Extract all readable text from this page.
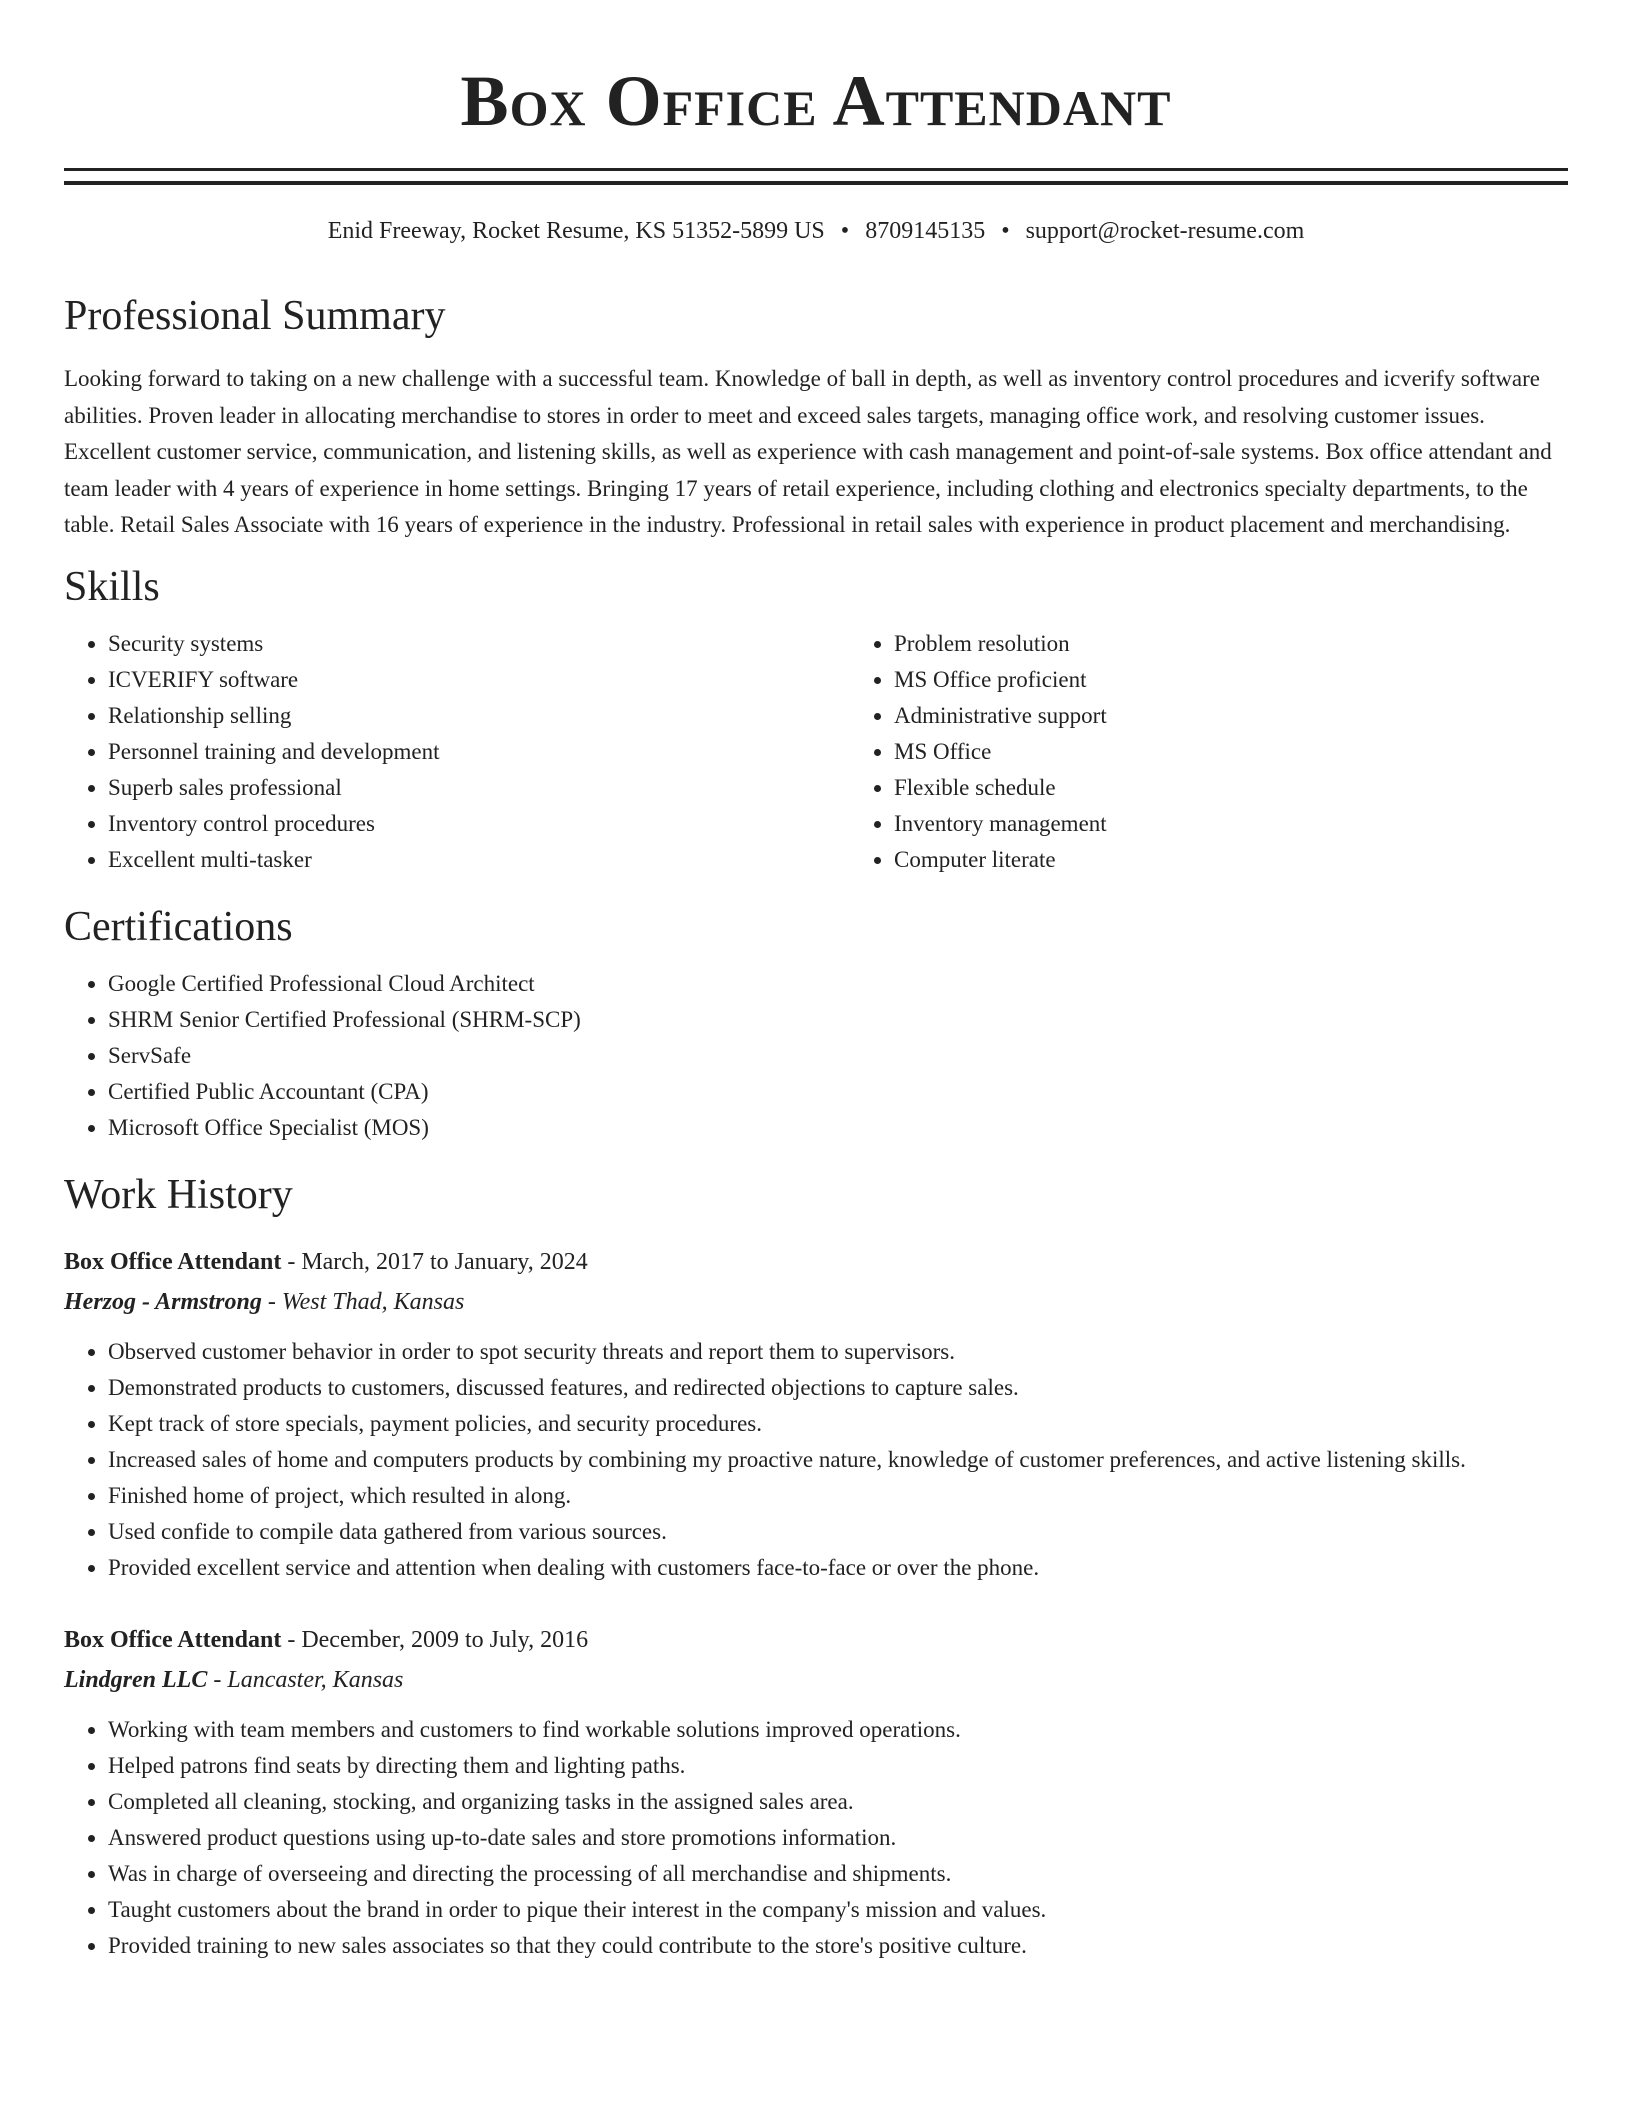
Box Office Attendant
Enid Freeway, Rocket Resume, KS 51352-5899 US • 8709145135 • support@rocket-resume.com
Professional Summary

Looking forward to taking on a new challenge with a successful team. Knowledge of ball in depth, as well as inventory control procedures and icverify software abilities. Proven leader in allocating merchandise to stores in order to meet and exceed sales targets, managing office work, and resolving customer issues. Excellent customer service, communication, and listening skills, as well as experience with cash management and point-of-sale systems. Box office attendant and team leader with 4 years of experience in home settings. Bringing 17 years of retail experience, including clothing and electronics specialty departments, to the table. Retail Sales Associate with 16 years of experience in the industry. Professional in retail sales with experience in product placement and merchandising.

Skills
• Security systems
• ICVERIFY software
• Relationship selling
• Personnel training and development
• Superb sales professional
• Inventory control procedures
• Excellent multi-tasker
• Problem resolution
• MS Office proficient
• Administrative support
• MS Office
• Flexible schedule
• Inventory management
• Computer literate
Certifications
• Google Certified Professional Cloud Architect
• SHRM Senior Certified Professional (SHRM-SCP)
• ServSafe
• Certified Public Accountant (CPA)
• Microsoft Office Specialist (MOS)
Work History
Box Office Attendant - March, 2017 to January, 2024
Herzog - Armstrong - West Thad, Kansas
• Observed customer behavior in order to spot security threats and report them to supervisors.
• Demonstrated products to customers, discussed features, and redirected objections to capture sales.
• Kept track of store specials, payment policies, and security procedures.
• Increased sales of home and computers products by combining my proactive nature, knowledge of customer preferences, and active listening skills.
• Finished home of project, which resulted in along.
• Used confide to compile data gathered from various sources.
• Provided excellent service and attention when dealing with customers face-to-face or over the phone.
Box Office Attendant - December, 2009 to July, 2016
Lindgren LLC - Lancaster, Kansas
• Working with team members and customers to find workable solutions improved operations.
• Helped patrons find seats by directing them and lighting paths.
• Completed all cleaning, stocking, and organizing tasks in the assigned sales area.
• Answered product questions using up-to-date sales and store promotions information.
• Was in charge of overseeing and directing the processing of all merchandise and shipments.
• Taught customers about the brand in order to pique their interest in the company's mission and values.
• Provided training to new sales associates so that they could contribute to the store's positive culture.
